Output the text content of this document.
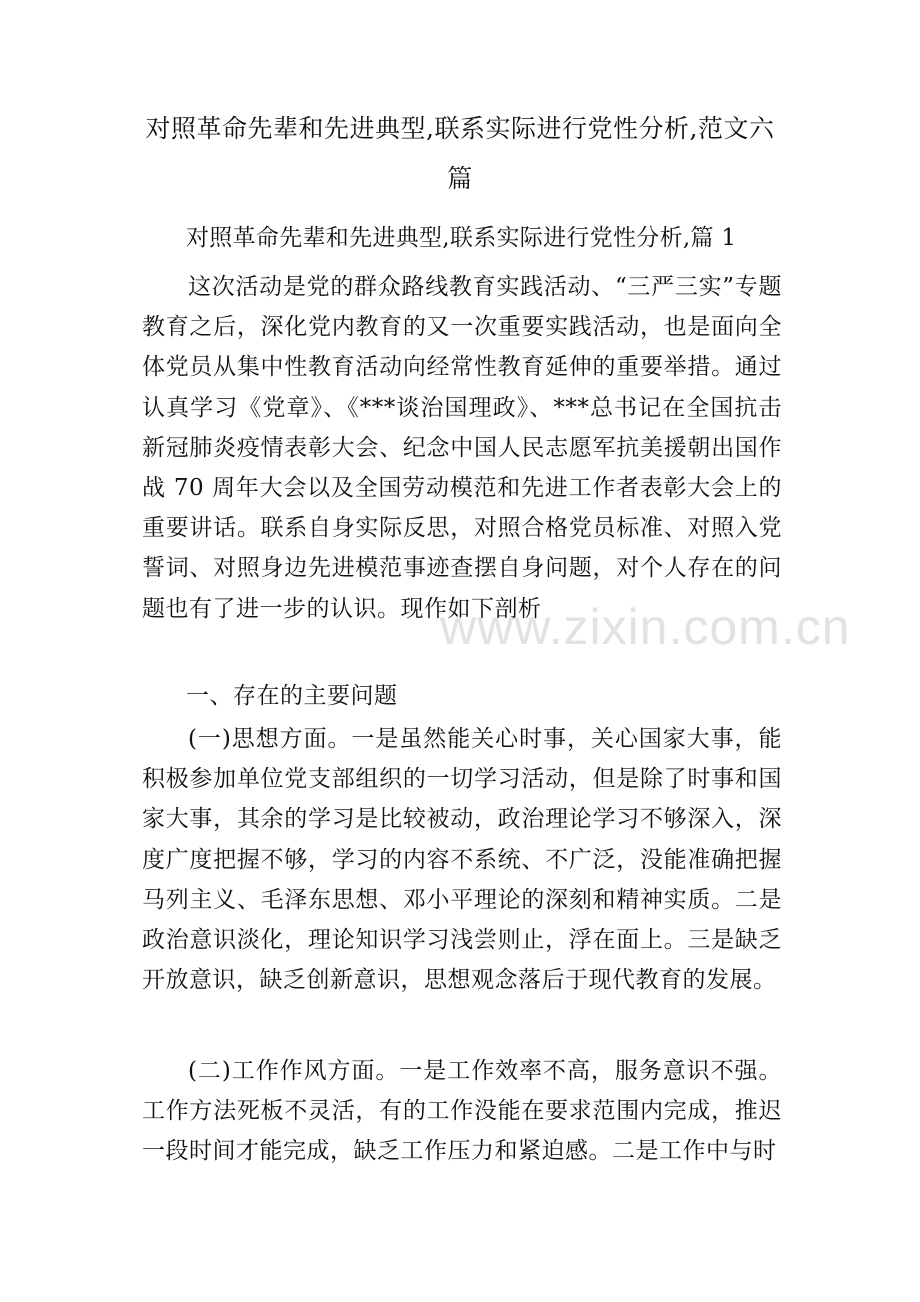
对照革命先辈和先进典型,联系实际进行党性分析,范文六篇
对照革命先辈和先进典型,联系实际进行党性分析,篇 1
这次活动是党的群众路线教育实践活动、“三严三实”专题教育之后，深化党内教育的又一次重要实践活动，也是面向全体党员从集中性教育活动向经常性教育延伸的重要举措。通过认真学习《党章》、《***谈治国理政》、***总书记在全国抗击新冠肺炎疫情表彰大会、纪念中国人民志愿军抗美援朝出国作战 70 周年大会以及全国劳动模范和先进工作者表彰大会上的重要讲话。联系自身实际反思，对照合格党员标准、对照入党誓词、对照身边先进模范事迹查摆自身问题，对个人存在的问题也有了进一步的认识。现作如下剖析
一、存在的主要问题
(一)思想方面。一是虽然能关心时事，关心国家大事，能积极参加单位党支部组织的一切学习活动，但是除了时事和国家大事，其余的学习是比较被动，政治理论学习不够深入，深度广度把握不够，学习的内容不系统、不广泛，没能准确把握马列主义、毛泽东思想、邓小平理论的深刻和精神实质。二是政治意识淡化，理论知识学习浅尝则止，浮在面上。三是缺乏开放意识，缺乏创新意识，思想观念落后于现代教育的发展。
(二)工作作风方面。一是工作效率不高，服务意识不强。工作方法死板不灵活，有的工作没能在要求范围内完成，推迟一段时间才能完成，缺乏工作压力和紧迫感。二是工作中与时
www.zixin.com.cn
